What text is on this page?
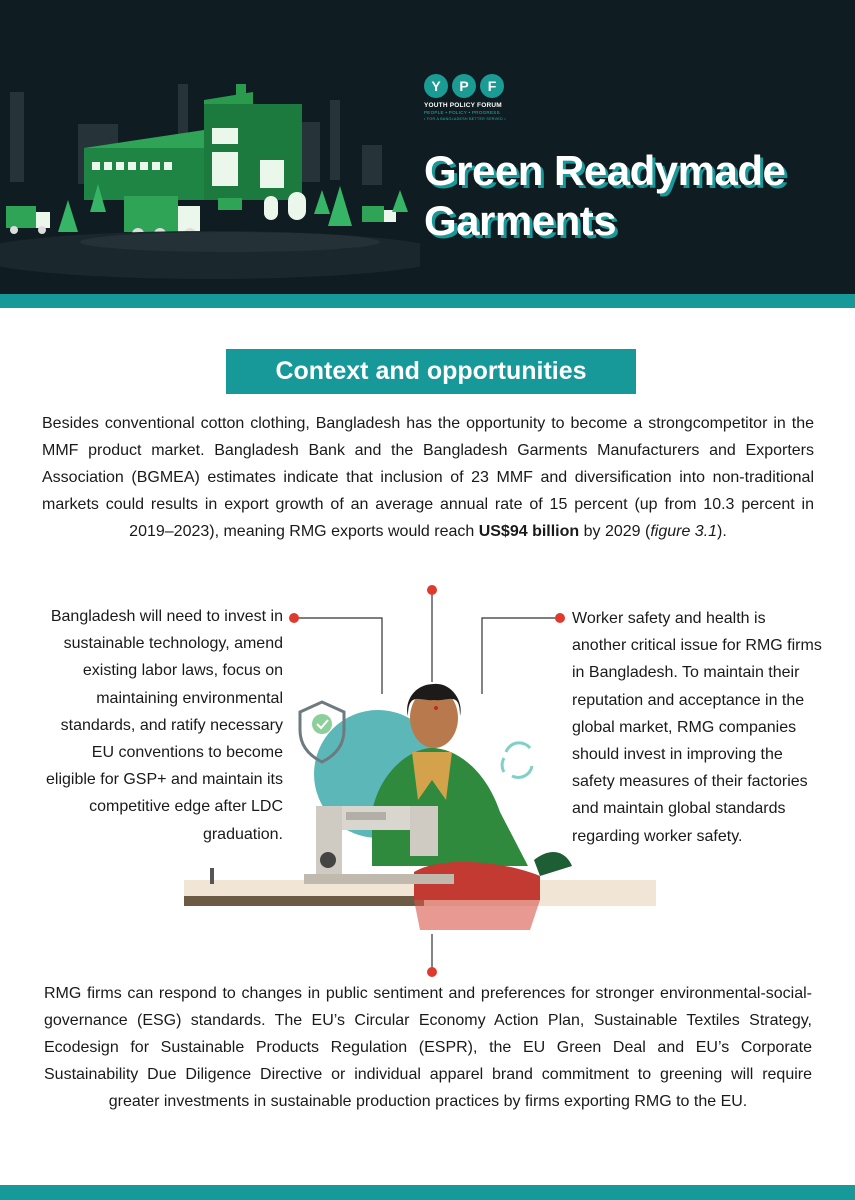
Y	P	F
YOUTH POLICY FORUM
PEOPLE • POLICY • PROGRESS
• FOR A BANGLADESH BETTER SERVED •
Green Readymade
Garments
Context and opportunities

Besides conventional cotton clothing, Bangladesh has the opportunity to become a strongcompetitor in the MMF product market. Bangladesh Bank and the Bangladesh Garments Manufacturers and Exporters Association (BGMEA) estimates indicate that inclusion of 23 MMF and diversification into non-traditional markets could results in export growth of an average annual rate of 15 percent (up from 10.3 percent in 2019–2023), meaning RMG exports would reach US$94 billion by 2029 (figure 3.1).

Bangladesh will need to invest in sustainable technology, amend existing labor laws, focus on maintaining environmental standards, and ratify necessary EU conventions to become eligible for GSP+ and maintain its competitive edge after LDC graduation.
Worker safety and health is another critical issue for RMG firms in Bangladesh. To maintain their reputation and acceptance in the global market, RMG companies should invest in improving the safety measures of their factories and maintain global standards regarding worker safety.

RMG firms can respond to changes in public sentiment and preferences for stronger environmental-social-governance (ESG) standards. The EU’s Circular Economy Action Plan, Sustainable Textiles Strategy, Ecodesign for Sustainable Products Regulation (ESPR), the EU Green Deal and EU’s Corporate Sustainability Due Diligence Directive or individual apparel brand commitment to greening will require greater investments in sustainable production practices by firms exporting RMG to the EU.
